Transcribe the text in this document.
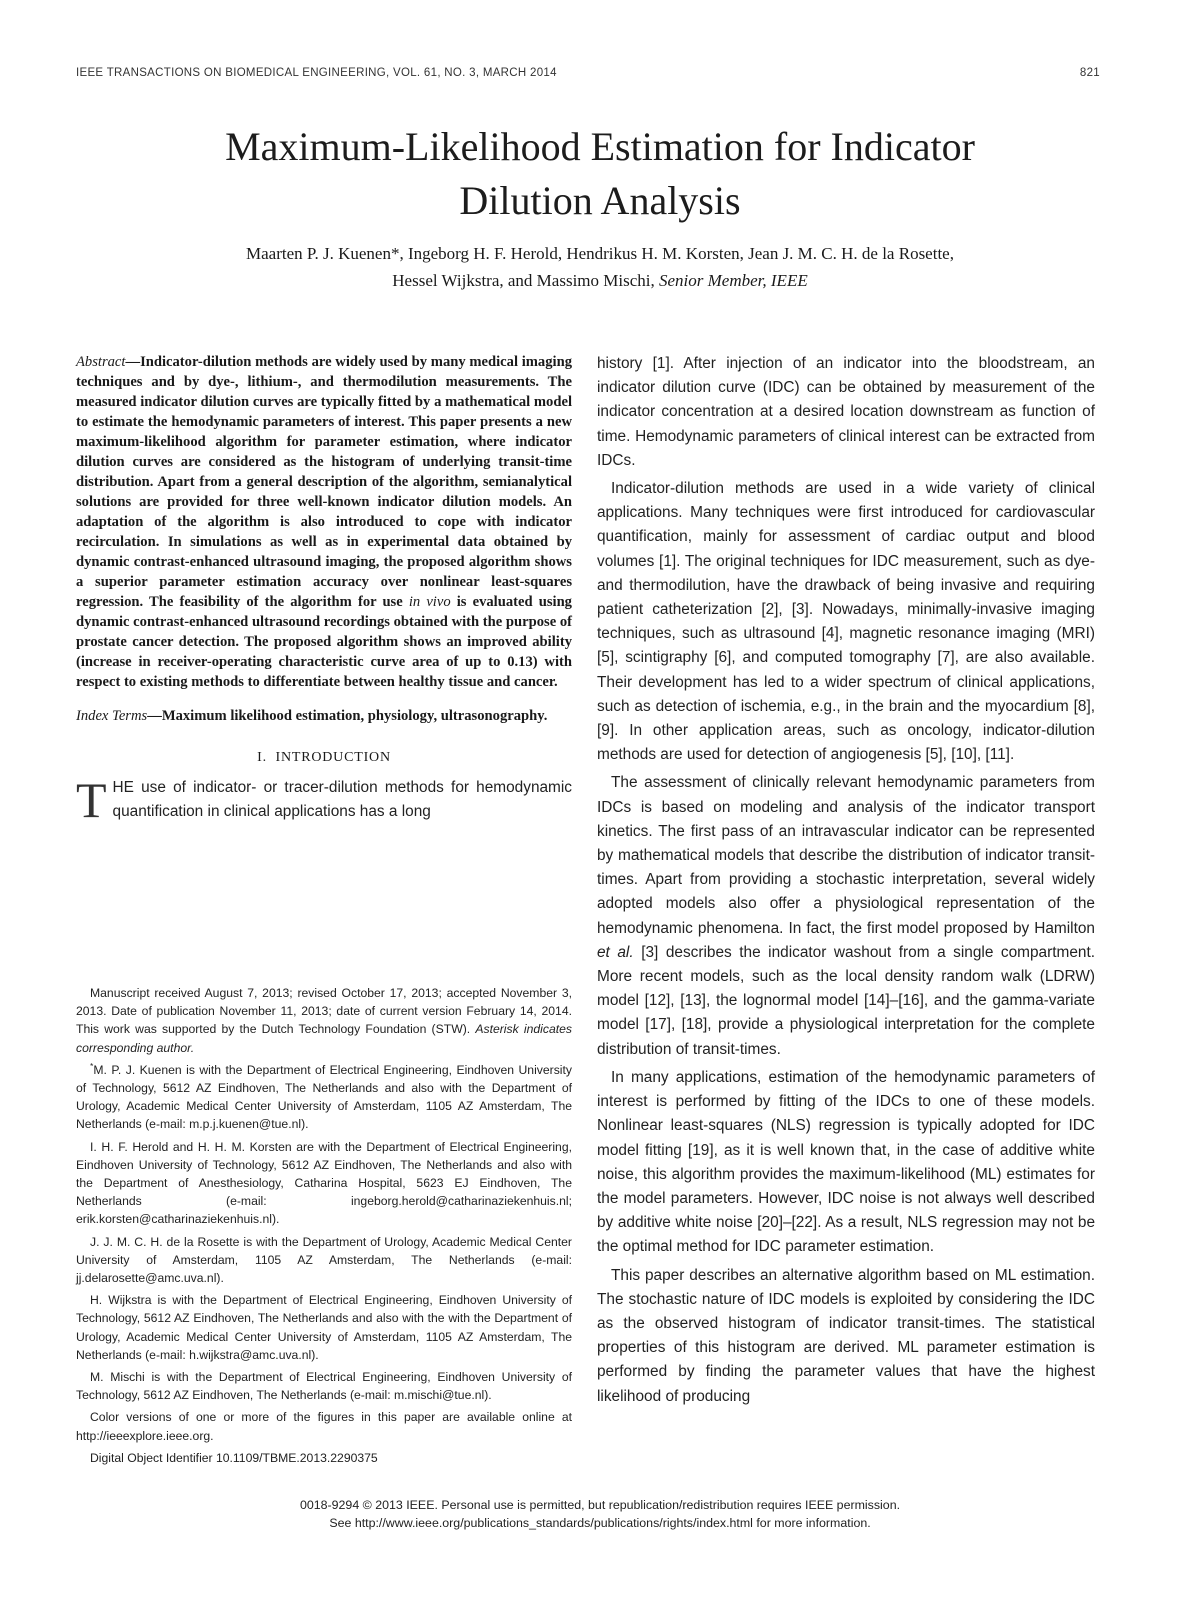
IEEE TRANSACTIONS ON BIOMEDICAL ENGINEERING, VOL. 61, NO. 3, MARCH 2014	821
Maximum-Likelihood Estimation for Indicator
Dilution Analysis
Maarten P. J. Kuenen*, Ingeborg H. F. Herold, Hendrikus H. M. Korsten, Jean J. M. C. H. de la Rosette,
Hessel Wijkstra, and Massimo Mischi, Senior Member, IEEE

Abstract—Indicator-dilution methods are widely used by many medical imaging techniques and by dye-, lithium-, and thermodilution measurements. The measured indicator dilution curves are typically fitted by a mathematical model to estimate the hemodynamic parameters of interest. This paper presents a new maximum-likelihood algorithm for parameter estimation, where indicator dilution curves are considered as the histogram of underlying transit-time distribution. Apart from a general description of the algorithm, semianalytical solutions are provided for three well-known indicator dilution models. An adaptation of the algorithm is also introduced to cope with indicator recirculation. In simulations as well as in experimental data obtained by dynamic contrast-enhanced ultrasound imaging, the proposed algorithm shows a superior parameter estimation accuracy over nonlinear least-squares regression. The feasibility of the algorithm for use in vivo is evaluated using dynamic contrast-enhanced ultrasound recordings obtained with the purpose of prostate cancer detection. The proposed algorithm shows an improved ability (increase in receiver-operating characteristic curve area of up to 0.13) with respect to existing methods to differentiate between healthy tissue and cancer.

Index Terms—Maximum likelihood estimation, physiology, ultrasonography.

I. INTRODUCTION

THE use of indicator- or tracer-dilution methods for hemodynamic quantification in clinical applications has a long

Manuscript received August 7, 2013; revised October 17, 2013; accepted November 3, 2013. Date of publication November 11, 2013; date of current version February 14, 2014. This work was supported by the Dutch Technology Foundation (STW). Asterisk indicates corresponding author.

*M. P. J. Kuenen is with the Department of Electrical Engineering, Eindhoven University of Technology, 5612 AZ Eindhoven, The Netherlands and also with the Department of Urology, Academic Medical Center University of Amsterdam, 1105 AZ Amsterdam, The Netherlands (e-mail: m.p.j.kuenen@tue.nl).

I. H. F. Herold and H. H. M. Korsten are with the Department of Electrical Engineering, Eindhoven University of Technology, 5612 AZ Eindhoven, The Netherlands and also with the Department of Anesthesiology, Catharina Hospital, 5623 EJ Eindhoven, The Netherlands (e-mail: ingeborg.herold@catharinaziekenhuis.nl; erik.korsten@catharinaziekenhuis.nl).

J. J. M. C. H. de la Rosette is with the Department of Urology, Academic Medical Center University of Amsterdam, 1105 AZ Amsterdam, The Netherlands (e-mail: jj.delarosette@amc.uva.nl).

H. Wijkstra is with the Department of Electrical Engineering, Eindhoven University of Technology, 5612 AZ Eindhoven, The Netherlands and also with the with the Department of Urology, Academic Medical Center University of Amsterdam, 1105 AZ Amsterdam, The Netherlands (e-mail: h.wijkstra@amc.uva.nl).

M. Mischi is with the Department of Electrical Engineering, Eindhoven University of Technology, 5612 AZ Eindhoven, The Netherlands (e-mail: m.mischi@tue.nl).

Color versions of one or more of the figures in this paper are available online at http://ieeexplore.ieee.org.

Digital Object Identifier 10.1109/TBME.2013.2290375

history [1]. After injection of an indicator into the bloodstream, an indicator dilution curve (IDC) can be obtained by measurement of the indicator concentration at a desired location downstream as function of time. Hemodynamic parameters of clinical interest can be extracted from IDCs.

Indicator-dilution methods are used in a wide variety of clinical applications. Many techniques were first introduced for cardiovascular quantification, mainly for assessment of cardiac output and blood volumes [1]. The original techniques for IDC measurement, such as dye- and thermodilution, have the drawback of being invasive and requiring patient catheterization [2], [3]. Nowadays, minimally-invasive imaging techniques, such as ultrasound [4], magnetic resonance imaging (MRI) [5], scintigraphy [6], and computed tomography [7], are also available. Their development has led to a wider spectrum of clinical applications, such as detection of ischemia, e.g., in the brain and the myocardium [8], [9]. In other application areas, such as oncology, indicator-dilution methods are used for detection of angiogenesis [5], [10], [11].

The assessment of clinically relevant hemodynamic parameters from IDCs is based on modeling and analysis of the indicator transport kinetics. The first pass of an intravascular indicator can be represented by mathematical models that describe the distribution of indicator transit-times. Apart from providing a stochastic interpretation, several widely adopted models also offer a physiological representation of the hemodynamic phenomena. In fact, the first model proposed by Hamilton et al. [3] describes the indicator washout from a single compartment. More recent models, such as the local density random walk (LDRW) model [12], [13], the lognormal model [14]–[16], and the gamma-variate model [17], [18], provide a physiological interpretation for the complete distribution of transit-times.

In many applications, estimation of the hemodynamic parameters of interest is performed by fitting of the IDCs to one of these models. Nonlinear least-squares (NLS) regression is typically adopted for IDC model fitting [19], as it is well known that, in the case of additive white noise, this algorithm provides the maximum-likelihood (ML) estimates for the model parameters. However, IDC noise is not always well described by additive white noise [20]–[22]. As a result, NLS regression may not be the optimal method for IDC parameter estimation.

This paper describes an alternative algorithm based on ML estimation. The stochastic nature of IDC models is exploited by considering the IDC as the observed histogram of indicator transit-times. The statistical properties of this histogram are derived. ML parameter estimation is performed by finding the parameter values that have the highest likelihood of producing

0018-9294 © 2013 IEEE. Personal use is permitted, but republication/redistribution requires IEEE permission.
See http://www.ieee.org/publications_standards/publications/rights/index.html for more information.
